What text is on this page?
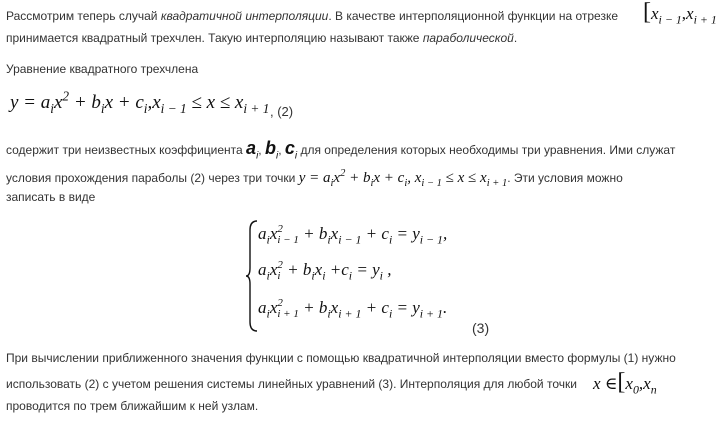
Рассмотрим теперь случай квадратичной интерполяции. В качестве интерполяционной функции на отрезке [$x_{i - 1},x_{i + 1}$
принимается квадратный трехчлен. Такую интерполяцию называют также параболической.
Уравнение квадратного трехчлена
$y = a_ix^2 + b_ix + c_i,x_{i - 1} \le x \le x_{i + 1}$ , (2)
содержит три неизвестных коэффициента $a_i$, $b_i$, $c_i$ для определения которых необходимы три уравнения. Ими служат
условия прохождения параболы (2) через три точки $y = a_ix^2 + b_ix + c_i$, $x_{i - 1} \le x \le x_{i + 1}$. Эти условия можно
записать в виде
$a_ix$ 2
$i - 1 + b_ix_{i - 1} + c_i = y_{i - 1}$,
$a_ix$ 2
$i + b_ix_i +c_i = y_i$ ,
$a_ix$ 2
$i + 1 + b_ix_{i + 1} + c_i = y_{i + 1}$.
(3)
При вычислении приближенного значения функции с помощью квадратичной интерполяции вместо формулы (1) нужно
использовать (2) с учетом решения системы линейных уравнений (3). Интерполяция для любой точки x $\in[x_0,x_n$
проводится по трем ближайшим к ней узлам.
